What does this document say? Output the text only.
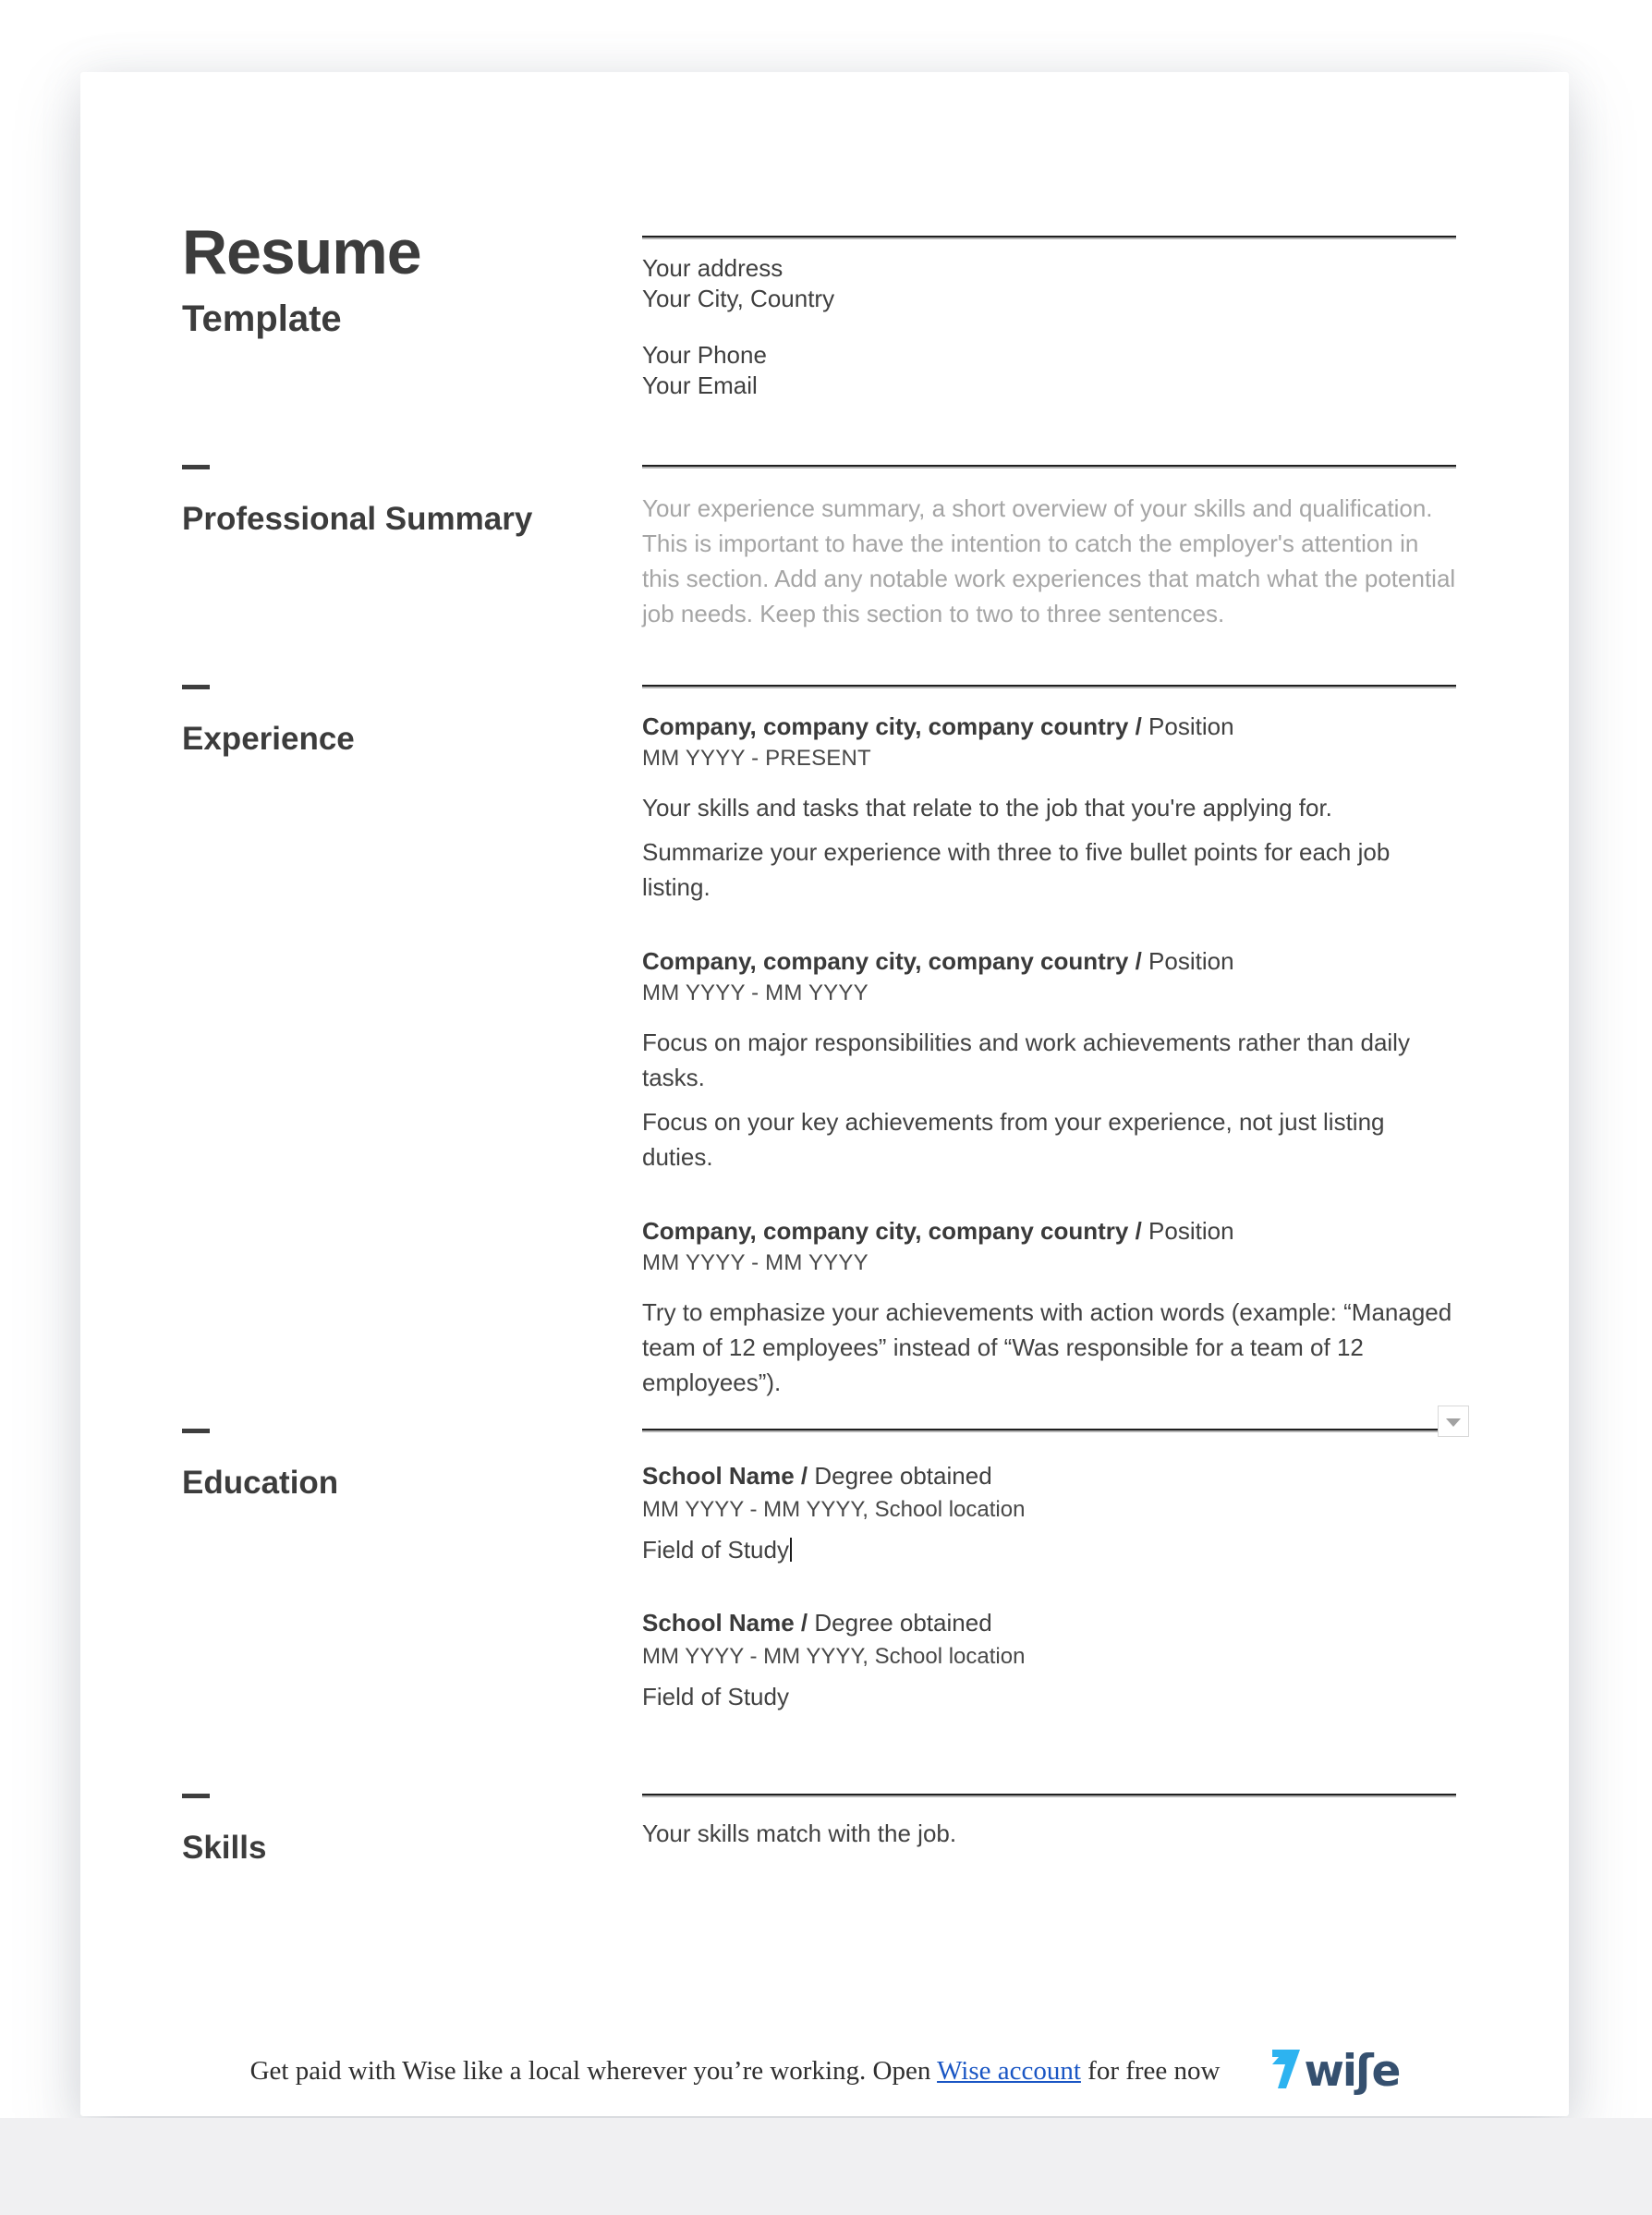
Resume
Template
Your address
Your City, Country
Your Phone
Your Email
Professional Summary	Your experience summary, a short overview of your skills and qualification. This is important to have the intention to catch the employer's attention in this section. Add any notable work experiences that match what the potential job needs. Keep this section to two to three sentences.
Experience	Company, company city, company country / Position
MM YYYY - PRESENT
Your skills and tasks that relate to the job that you're applying for.
Summarize your experience with three to five bullet points for each job listing.
Company, company city, company country / Position
MM YYYY - MM YYYY
Focus on major responsibilities and work achievements rather than daily tasks.
Focus on your key achievements from your experience, not just listing duties.
Company, company city, company country / Position
MM YYYY - MM YYYY
Try to emphasize your achievements with action words (example: “Managed team of 12 employees” instead of “Was responsible for a team of 12 employees”).
Education	School Name / Degree obtained
MM YYYY - MM YYYY, School location
Field of Study
School Name / Degree obtained
MM YYYY - MM YYYY, School location
Field of Study
Skills	Your skills match with the job.
Get paid with Wise like a local wherever you’re working. Open Wise account for free now wiʃe
